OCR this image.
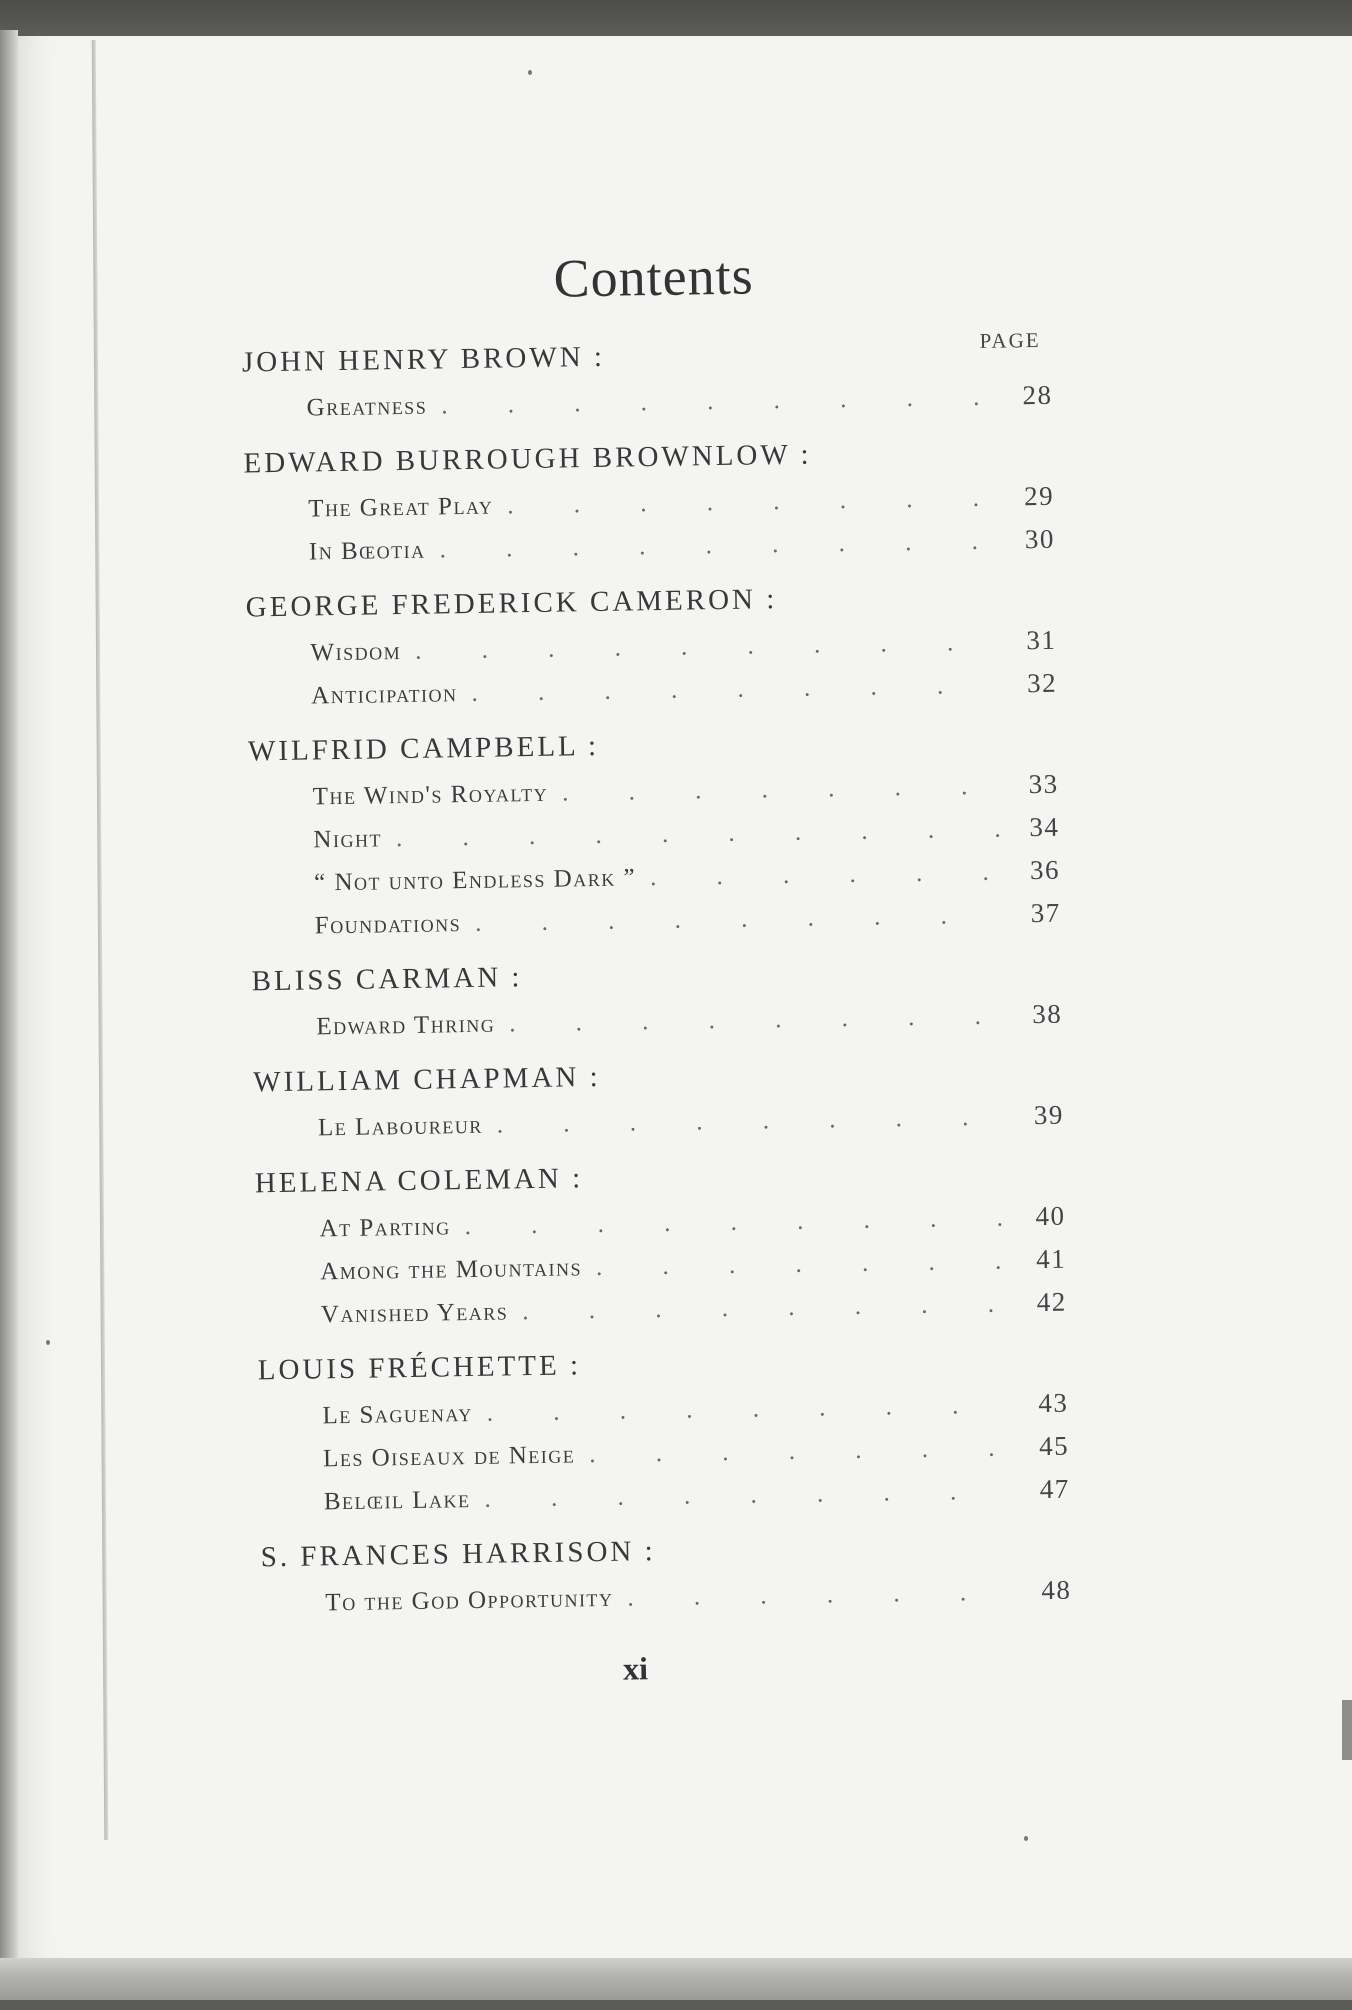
Contents
PAGE
JOHN HENRY BROWN :
Greatness . . .	28
EDWARD BURROUGH BROWNLOW :
The Great Play . . .	29
In Bœotia . . .	30
GEORGE FREDERICK CAMERON :
Wisdom . . .	31
Anticipation . . .	32
WILFRID CAMPBELL :
The Wind's Royalty . . .	33
Night . . .	34
“ Not unto Endless Dark ” . . .	36
Foundations . . .	37
BLISS CARMAN :
Edward Thring . . .	38
WILLIAM CHAPMAN :
Le Laboureur . . .	39
HELENA COLEMAN :
At Parting . . .	40
Among the Mountains . . .	41
Vanished Years . . .	42
LOUIS FRÉCHETTE :
Le Saguenay . . .	43
Les Oiseaux de Neige . . .	45
Belœil Lake . . .	47
S. FRANCES HARRISON :
To the God Opportunity . . .	48
xi
